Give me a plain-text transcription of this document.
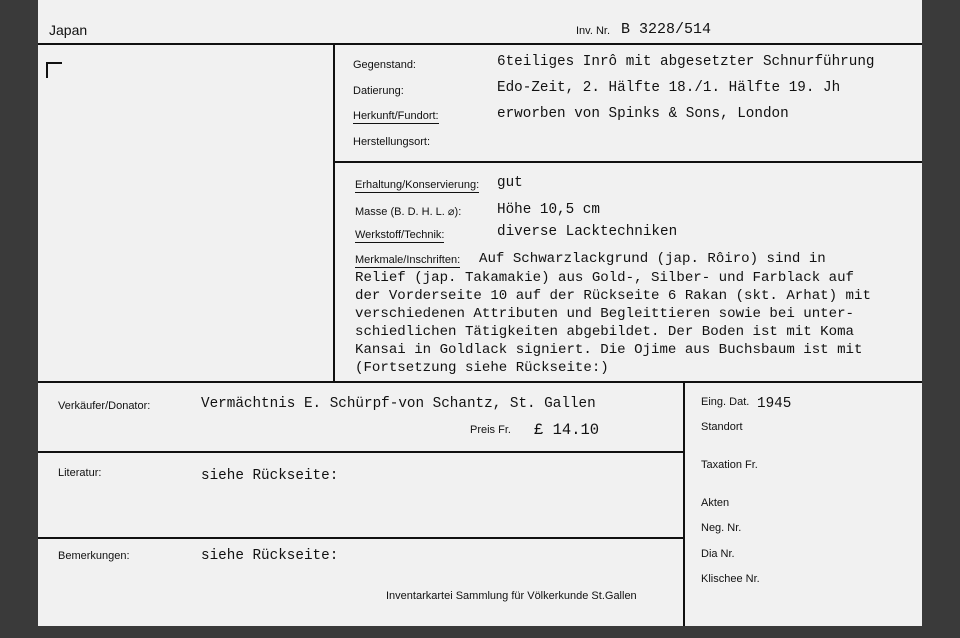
Japan	Inv. Nr. B 3228/514
Gegenstand:	6teiliges Inrô mit abgesetzter Schnurführung
Datierung:	Edo-Zeit, 2. Hälfte 18./1. Hälfte 19. Jh
Herkunft/Fundort:	erworben von Spinks & Sons, London
Herstellungsort:
Erhaltung/Konservierung: gut
Masse (B. D. H. L. ⌀): Höhe 10,5 cm
Werkstoff/Technik:	diverse Lacktechniken
Merkmale/Inschriften: Auf Schwarzlackgrund (jap. Rôiro) sind in
Relief (jap. Takamakie) aus Gold-, Silber- und Farblack auf
der Vorderseite 10 auf der Rückseite 6 Rakan (skt. Arhat) mit
verschiedenen Attributen und Begleittieren sowie bei unter-
schiedlichen Tätigkeiten abgebildet. Der Boden ist mit Koma
Kansai in Goldlack signiert. Die Ojime aus Buchsbaum ist mit
(Fortsetzung siehe Rückseite:)
Verkäufer/Donator:	Vermächtnis E. Schürpf-von Schantz, St. Gallen
Preis Fr. £ 14.10
Literatur:	siehe Rückseite:
Bemerkungen:	siehe Rückseite:
Inventarkartei Sammlung für Völkerkunde St.Gallen
Eing. Dat. 1945
Standort
Taxation Fr.
Akten
Neg. Nr.
Dia Nr.
Klischee Nr.
